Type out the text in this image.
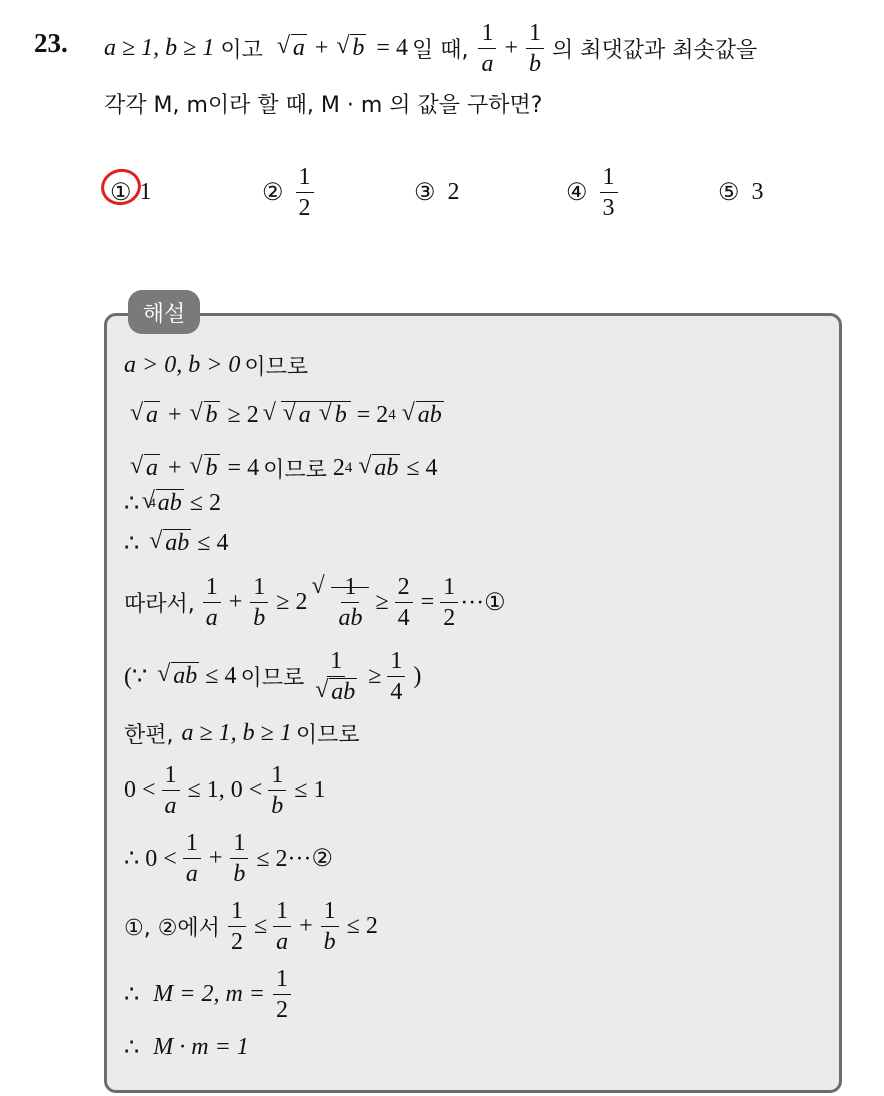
23. a ≥ 1, b ≥ 1 이고	√ a +	√ b = 4 일 때, $\frac{1}{a} + \frac{1}{b}$ 의 최댓값과 최솟값을
각각 M, m이라 할 때, M · m 의 값을 구하면?
① 1	② $\frac{1}{2}$	③ 2	④ $\frac{1}{3}$	⑤ 3
해설
a > 0, b > 0 이므로
√ a +	√ b ≥ 2	√ √ a √ b = 2 4 √ ab
√ a +	√ b = 4 이므로 2 4 √ ab ≤ 4
∴ 4 √ ab ≤ 2
∴	√ ab ≤ 4
따라서, $\frac{1}{a} + \frac{1}{b} \ge 2$ √ $\frac{1}{ab} \ge \frac{2}{4} = \frac{1}{2}$ ···①
(∵	√ ab ≤ 4 이므로 1
√ ab ≥ $\frac{1}{4}$ )
한편, a ≥ 1, b ≥ 1 이므로
$0 < \frac{1}{a} \le 1$, $0 < \frac{1}{b} \le 1$
∴ $0 < \frac{1}{a} + \frac{1}{b}$ ≤ 2···②
①, ②에서 $\frac{1}{2} \le \frac{1}{a} + \frac{1}{b} \le 2$
∴ M = 2, $m = \frac{1}{2}$
∴ M · m = 1
